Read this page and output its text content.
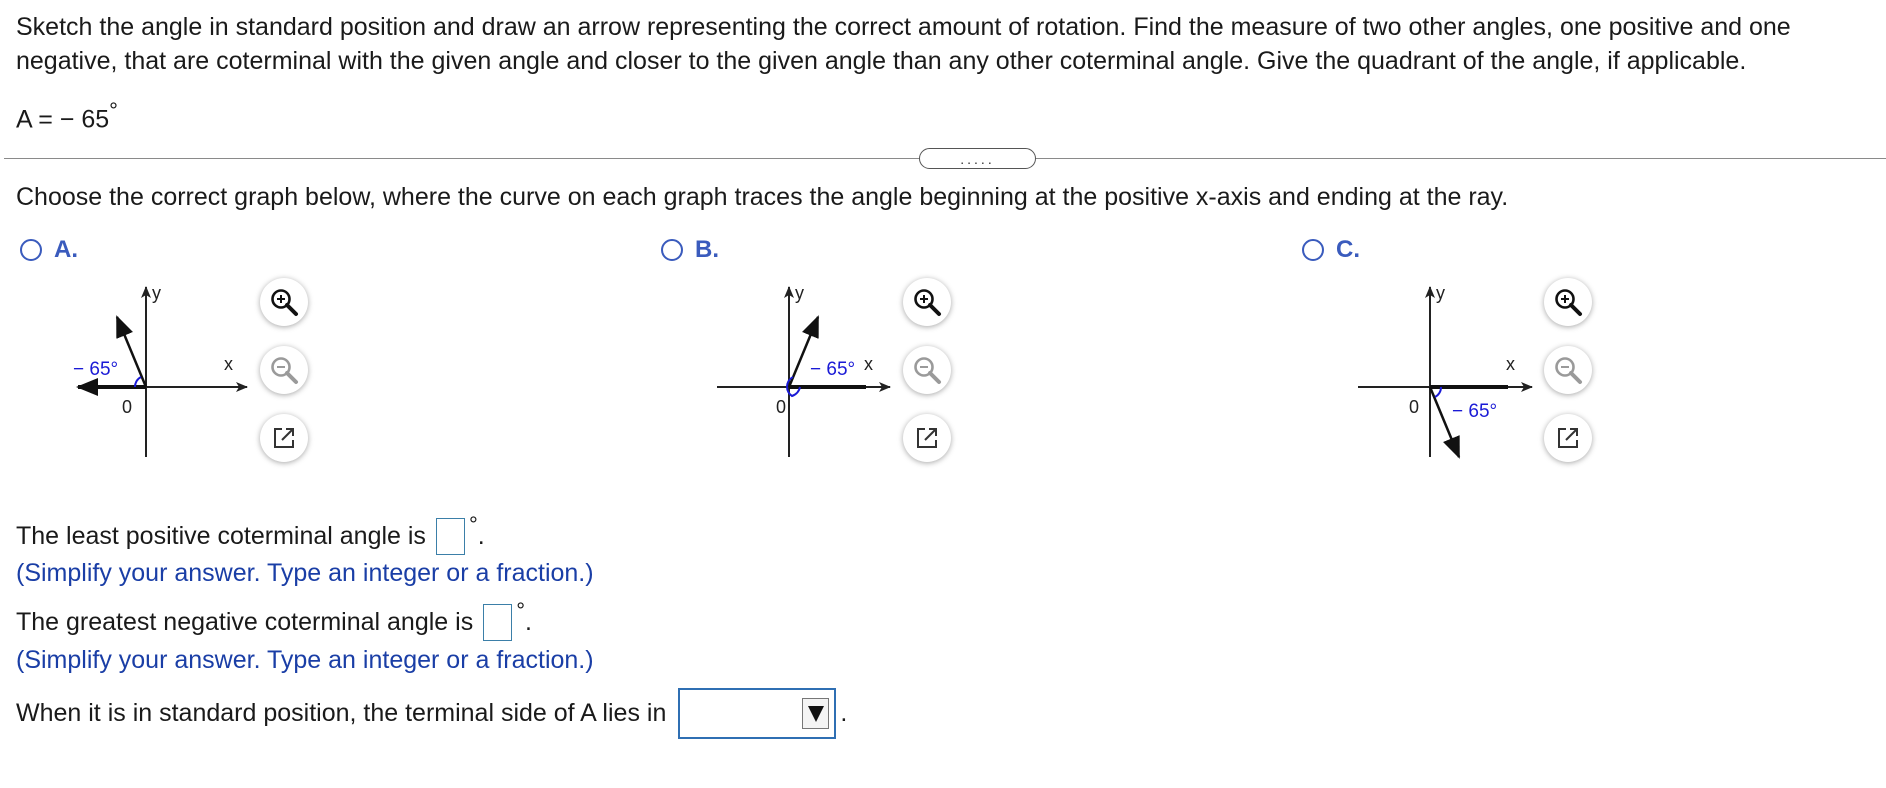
Sketch the angle in standard position and draw an arrow representing the correct amount of rotation. Find the measure of two other angles, one positive and one negative, that are coterminal with the given angle and closer to the given angle than any other coterminal angle. Give the quadrant of the angle, if applicable.
A = − 65°
.....
Choose the correct graph below, where the curve on each graph traces the angle beginning at the positive x-axis and ending at the ray.
A.	B.	C.
y
x
0
− 65°
y
x
0
− 65°
y
x
0 − 65°
The least positive coterminal angle is ° .
(Simplify your answer. Type an integer or a fraction.)
The greatest negative coterminal angle is ° .
(Simplify your answer. Type an integer or a fraction.)
When it is in standard position, the terminal side of A lies in	.
